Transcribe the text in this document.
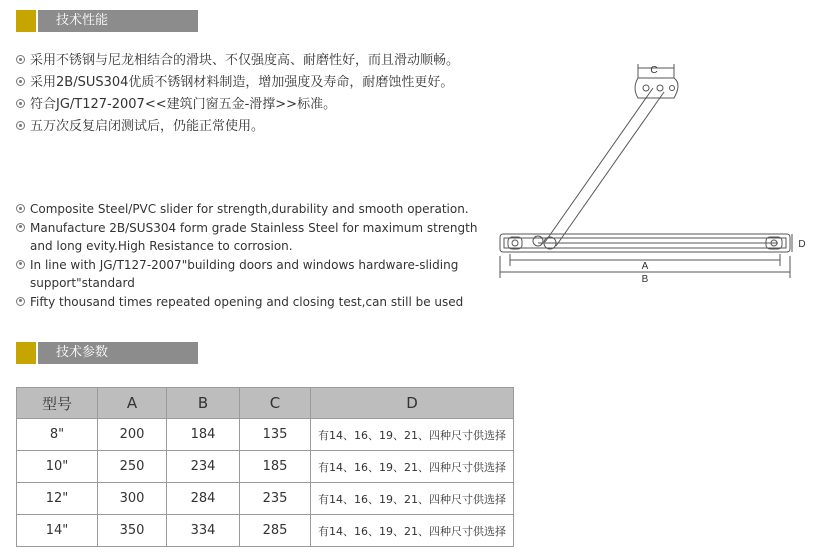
技术性能
采用不锈钢与尼龙相结合的滑块、不仅强度高、耐磨性好，而且滑动顺畅。
采用2B/SUS304优质不锈钢材料制造，增加强度及寿命，耐磨蚀性更好。
符合JG/T127-2007<<建筑门窗五金-滑撑>>标准。
五万次反复启闭测试后，仍能正常使用。
Composite Steel/PVC slider for strength,durability and smooth operation.
Manufacture 2B/SUS304 form grade Stainless Steel for maximum strength and long evity.High Resistance to corrosion.
In line with JG/T127-2007"building doors and windows hardware-sliding support"standard
Fifty thousand times repeated opening and closing test,can still be used
C
D
A
B
技术参数
型号	A	B	C	D
8"	200	184	135	有14、16、19、21、四种尺寸供选择
10"	250	234	185	有14、16、19、21、四种尺寸供选择
12"	300	284	235	有14、16、19、21、四种尺寸供选择
14"	350	334	285	有14、16、19、21、四种尺寸供选择
